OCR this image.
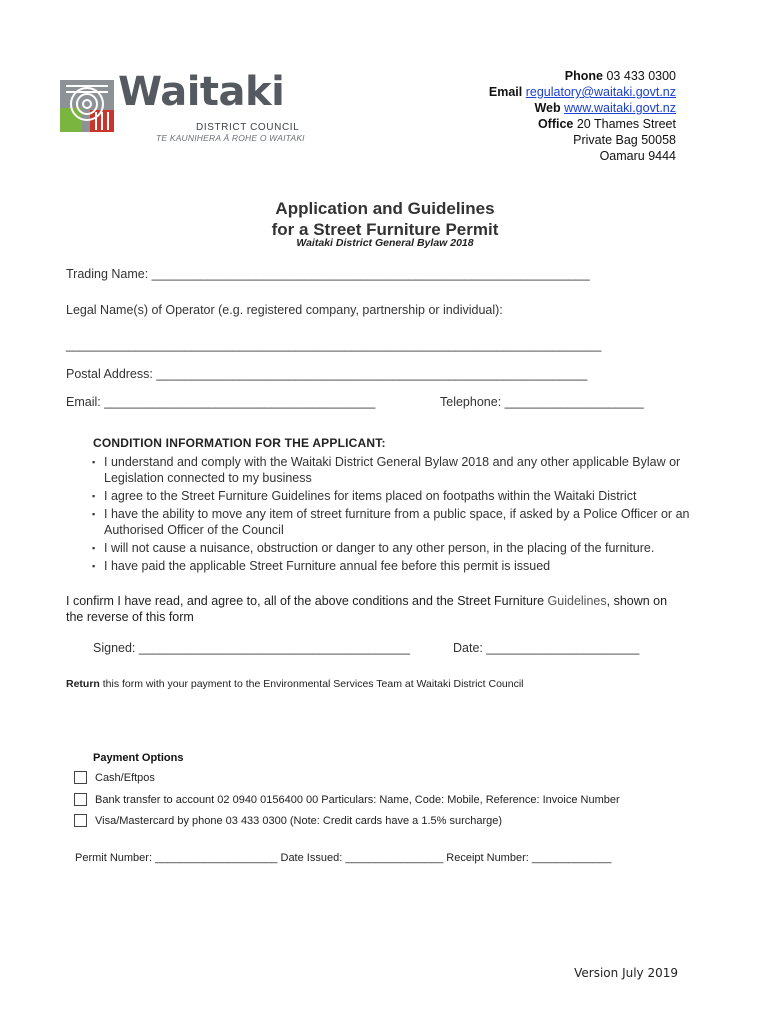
Waitaki
DISTRICT COUNCIL
TE KAUNIHERA Ā ROHE O WAITAKI
Phone 03 433 0300
Email regulatory@waitaki.govt.nz
Web www.waitaki.govt.nz
Office 20 Thames Street
Private Bag 50058
Oamaru 9444
Application and Guidelines
for a Street Furniture Permit
Waitaki District General Bylaw 2018
Trading Name: _______________________________________________________________
Legal Name(s) of Operator (e.g. registered company, partnership or individual):
_____________________________________________________________________________
Postal Address: ______________________________________________________________
Email: _______________________________________	Telephone: ____________________
CONDITION INFORMATION FOR THE APPLICANT:
▪ I understand and comply with the Waitaki District General Bylaw 2018 and any other applicable Bylaw or Legislation connected to my business
▪ I agree to the Street Furniture Guidelines for items placed on footpaths within the Waitaki District
▪ I have the ability to move any item of street furniture from a public space, if asked by a Police Officer or an Authorised Officer of the Council
▪ I will not cause a nuisance, obstruction or danger to any other person, in the placing of the furniture.
▪ I have paid the applicable Street Furniture annual fee before this permit is issued
I confirm I have read, and agree to, all of the above conditions and the Street Furniture Guidelines, shown on the reverse of this form
Signed: _______________________________________	Date: ______________________
Return this form with your payment to the Environmental Services Team at Waitaki District Council
Payment Options
Cash/Eftpos
Bank transfer to account 02 0940 0156400 00 Particulars: Name, Code: Mobile, Reference: Invoice Number
Visa/Mastercard by phone 03 433 0300 (Note: Credit cards have a 1.5% surcharge)
Permit Number: ____________________ Date Issued: ________________ Receipt Number: _____________
Version July 2019
